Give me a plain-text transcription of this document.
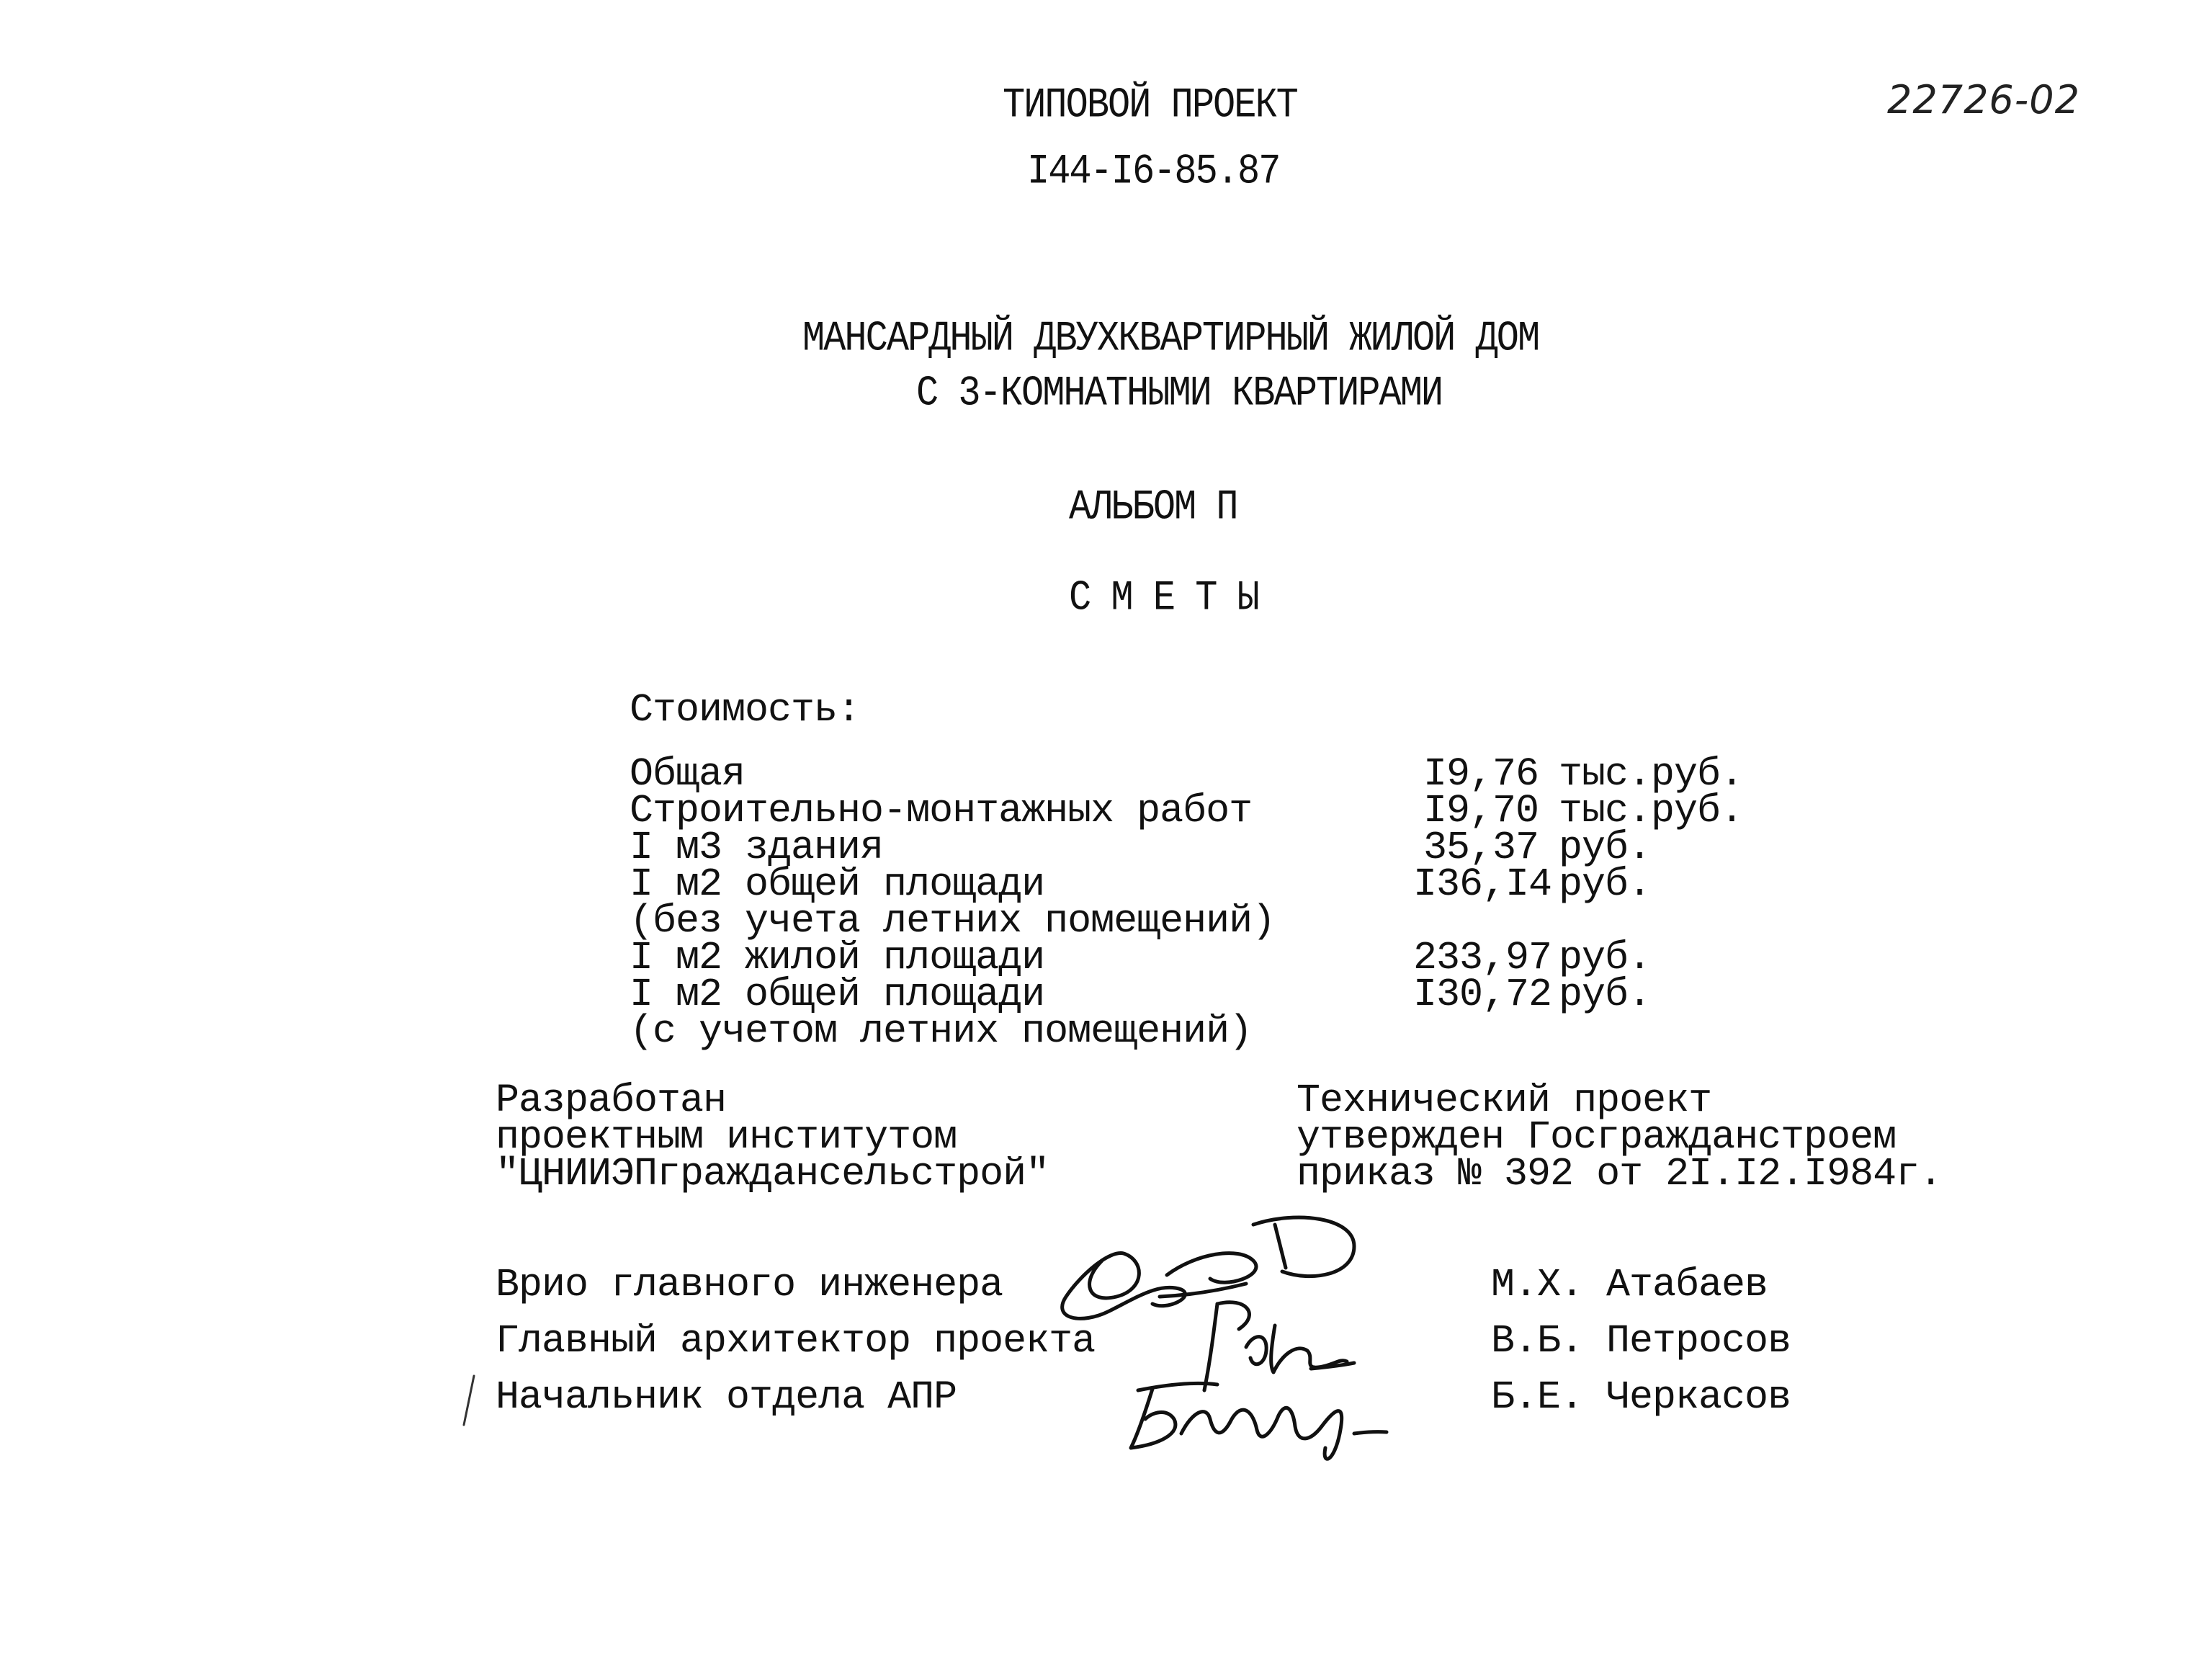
ТИПОВОЙ ПРОЕКТ
I44-I6-85.87
22726-02
МАНСАРДНЫЙ ДВУХКВАРТИРНЫЙ ЖИЛОЙ ДОМ
С 3-КОМНАТНЫМИ КВАРТИРАМИ
АЛЬБОМ П
С М Е Т Ы
Стоимость:
Общая	I9,76 тыс.руб.
Строительно-монтажных работ	I9,70 тыс.руб.
I м3 здания	35,37 руб.
I м2 общей площади	I36,I4 руб.
(без учета летних помещений)
I м2 жилой площади	233,97 руб.
I м2 общей площади	I30,72 руб.
(с учетом летних помещений)
Разработан
проектным институтом
"ЦНИИЭПграждансельстрой"
Технический проект
утвержден Госгражданстроем
приказ № 392 от 2I.I2.I984г.
Врио главного инженера	М.Х. Атабаев
Главный архитектор проекта	В.Б. Петросов
Начальник отдела АПР	Б.Е. Черкасов
